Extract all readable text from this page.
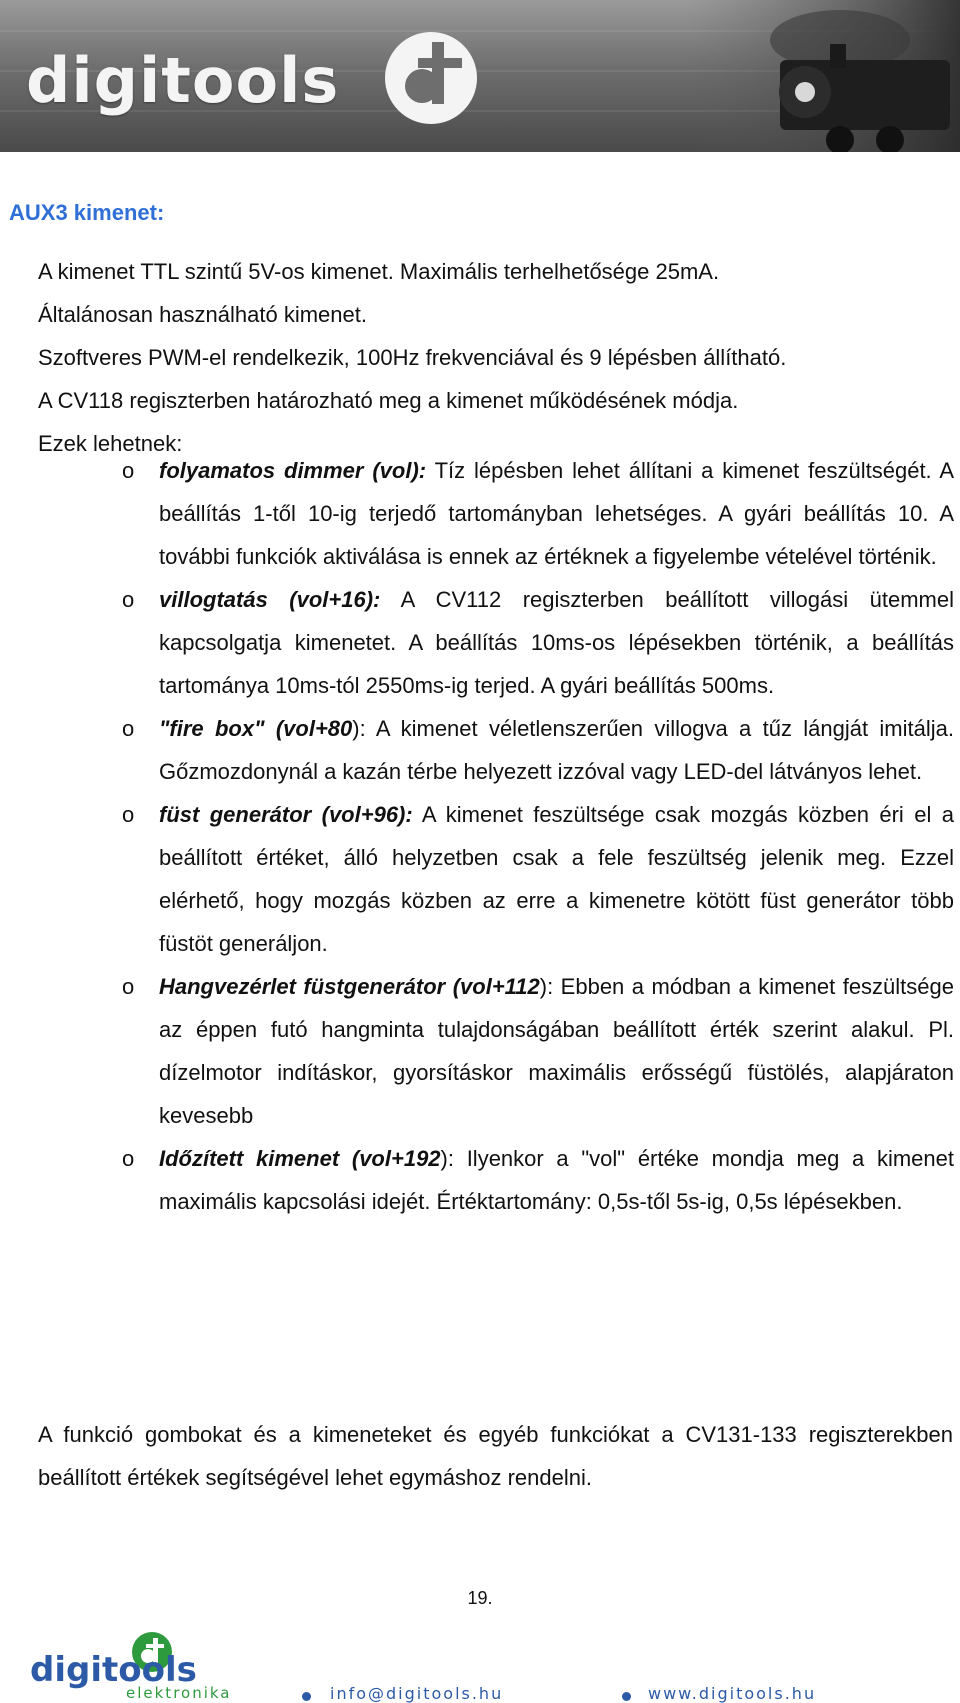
digitools
AUX3 kimenet:
A kimenet TTL szintű 5V-os kimenet. Maximális terhelhetősége 25mA.
Általánosan használható kimenet.
Szoftveres PWM-el rendelkezik, 100Hz frekvenciával és 9 lépésben állítható.
A CV118 regiszterben határozható meg a kimenet működésének módja.
Ezek lehetnek:
o folyamatos dimmer (vol): Tíz lépésben lehet állítani a kimenet feszültségét. A beállítás 1-től 10-ig terjedő tartományban lehetséges. A gyári beállítás 10. A további funkciók aktiválása is ennek az értéknek a figyelembe vételével történik.
o villogtatás (vol+16): A CV112 regiszterben beállított villogási ütemmel kapcsolgatja kimenetet. A beállítás 10ms-os lépésekben történik, a beállítás tartománya 10ms-tól 2550ms-ig terjed. A gyári beállítás 500ms.
o "fire box" (vol+80): A kimenet véletlenszerűen villogva a tűz lángját imitálja. Gőzmozdonynál a kazán térbe helyezett izzóval vagy LED-del látványos lehet.
o füst generátor (vol+96): A kimenet feszültsége csak mozgás közben éri el a beállított értéket, álló helyzetben csak a fele feszültség jelenik meg. Ezzel elérhető, hogy mozgás közben az erre a kimenetre kötött füst generátor több füstöt generáljon.
o Hangvezérlet füstgenerátor (vol+112): Ebben a módban a kimenet feszültsége az éppen futó hangminta tulajdonságában beállított érték szerint alakul. Pl. dízelmotor indításkor, gyorsításkor maximális erősségű füstölés, alapjáraton kevesebb
o Időzített kimenet (vol+192): Ilyenkor a "vol" értéke mondja meg a kimenet maximális kapcsolási idejét. Értéktartomány: 0,5s-től 5s-ig, 0,5s lépésekben.
A funkció gombokat és a kimeneteket és egyéb funkciókat a CV131-133 regiszterekben beállított értékek segítségével lehet egymáshoz rendelni.
19.
digitools
elektronika	info@digitools.hu	www.digitools.hu
